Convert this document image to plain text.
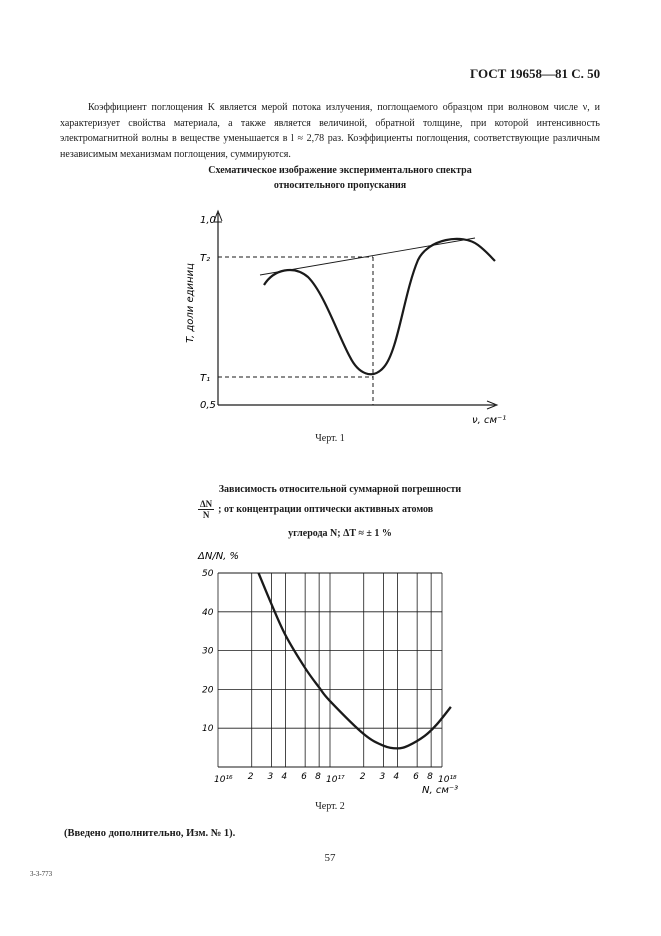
ГОСТ 19658—81 С. 50

Коэффициент поглощения K является мерой потока излучения, поглощаемого образцом при волновом числе ν, и характеризует свойства материала, а также является величиной, обратной толщине, при которой интенсивность электромагнитной волны в веществе уменьшается в l ≈ 2,78 раз. Коэффициенты поглощения, соответствующие различным независимым механизмам поглощения, суммируются.

Схематическое изображение экспериментального спектра
относительного пропускания
1,0
0,5
T₂
T₁
T, доли единиц
ν, см⁻¹
Черт. 1
Зависимость относительной суммарной погрешности
$\frac{\Delta N}{N}$ ; от концентрации оптически активных атомов
углерода N; ΔT ≈ ± 1 %
50
40
30
20
10
10¹⁶ 2 3 4 6 8 10¹⁷ 2 3 4 6 8 10¹⁸
ΔN/N, %
N, см⁻³
Черт. 2
(Введено дополнительно, Изм. № 1).
57
3-3-773
